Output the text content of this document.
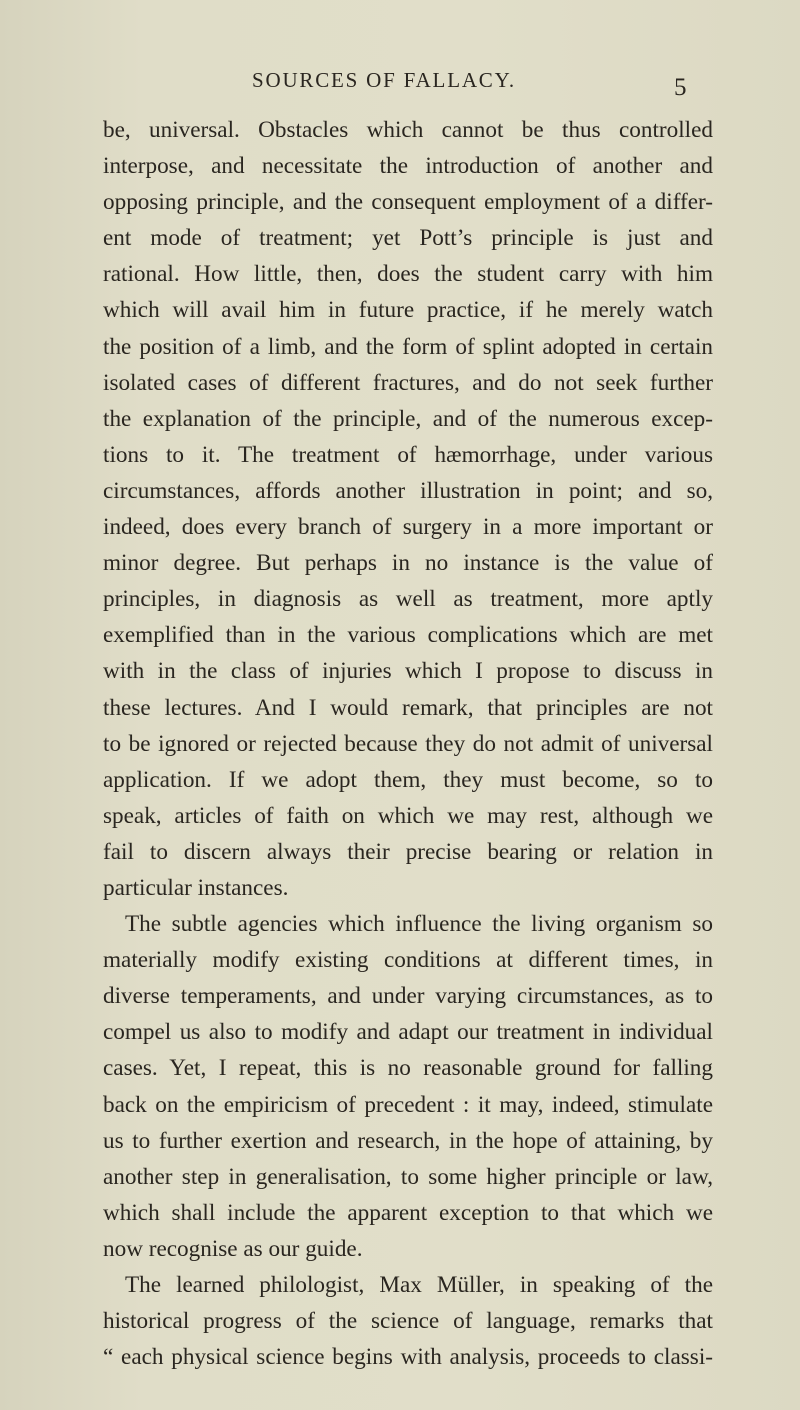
SOURCES OF FALLACY.	5
be, universal. Obstacles which cannot be thus controlled
interpose, and necessitate the introduction of another and
opposing principle, and the consequent employment of a differ-
ent mode of treatment; yet Pott’s principle is just and
rational. How little, then, does the student carry with him
which will avail him in future practice, if he merely watch
the position of a limb, and the form of splint adopted in certain
isolated cases of different fractures, and do not seek further
the explanation of the principle, and of the numerous excep-
tions to it. The treatment of hæmorrhage, under various
circumstances, affords another illustration in point; and so,
indeed, does every branch of surgery in a more important or
minor degree. But perhaps in no instance is the value of
principles, in diagnosis as well as treatment, more aptly
exemplified than in the various complications which are met
with in the class of injuries which I propose to discuss in
these lectures. And I would remark, that principles are not
to be ignored or rejected because they do not admit of universal
application. If we adopt them, they must become, so to
speak, articles of faith on which we may rest, although we
fail to discern always their precise bearing or relation in
particular instances.
The subtle agencies which influence the living organism so
materially modify existing conditions at different times, in
diverse temperaments, and under varying circumstances, as to
compel us also to modify and adapt our treatment in individual
cases. Yet, I repeat, this is no reasonable ground for falling
back on the empiricism of precedent : it may, indeed, stimulate
us to further exertion and research, in the hope of attaining, by
another step in generalisation, to some higher principle or law,
which shall include the apparent exception to that which we
now recognise as our guide.
The learned philologist, Max Müller, in speaking of the
historical progress of the science of language, remarks that
“ each physical science begins with analysis, proceeds to classi-
